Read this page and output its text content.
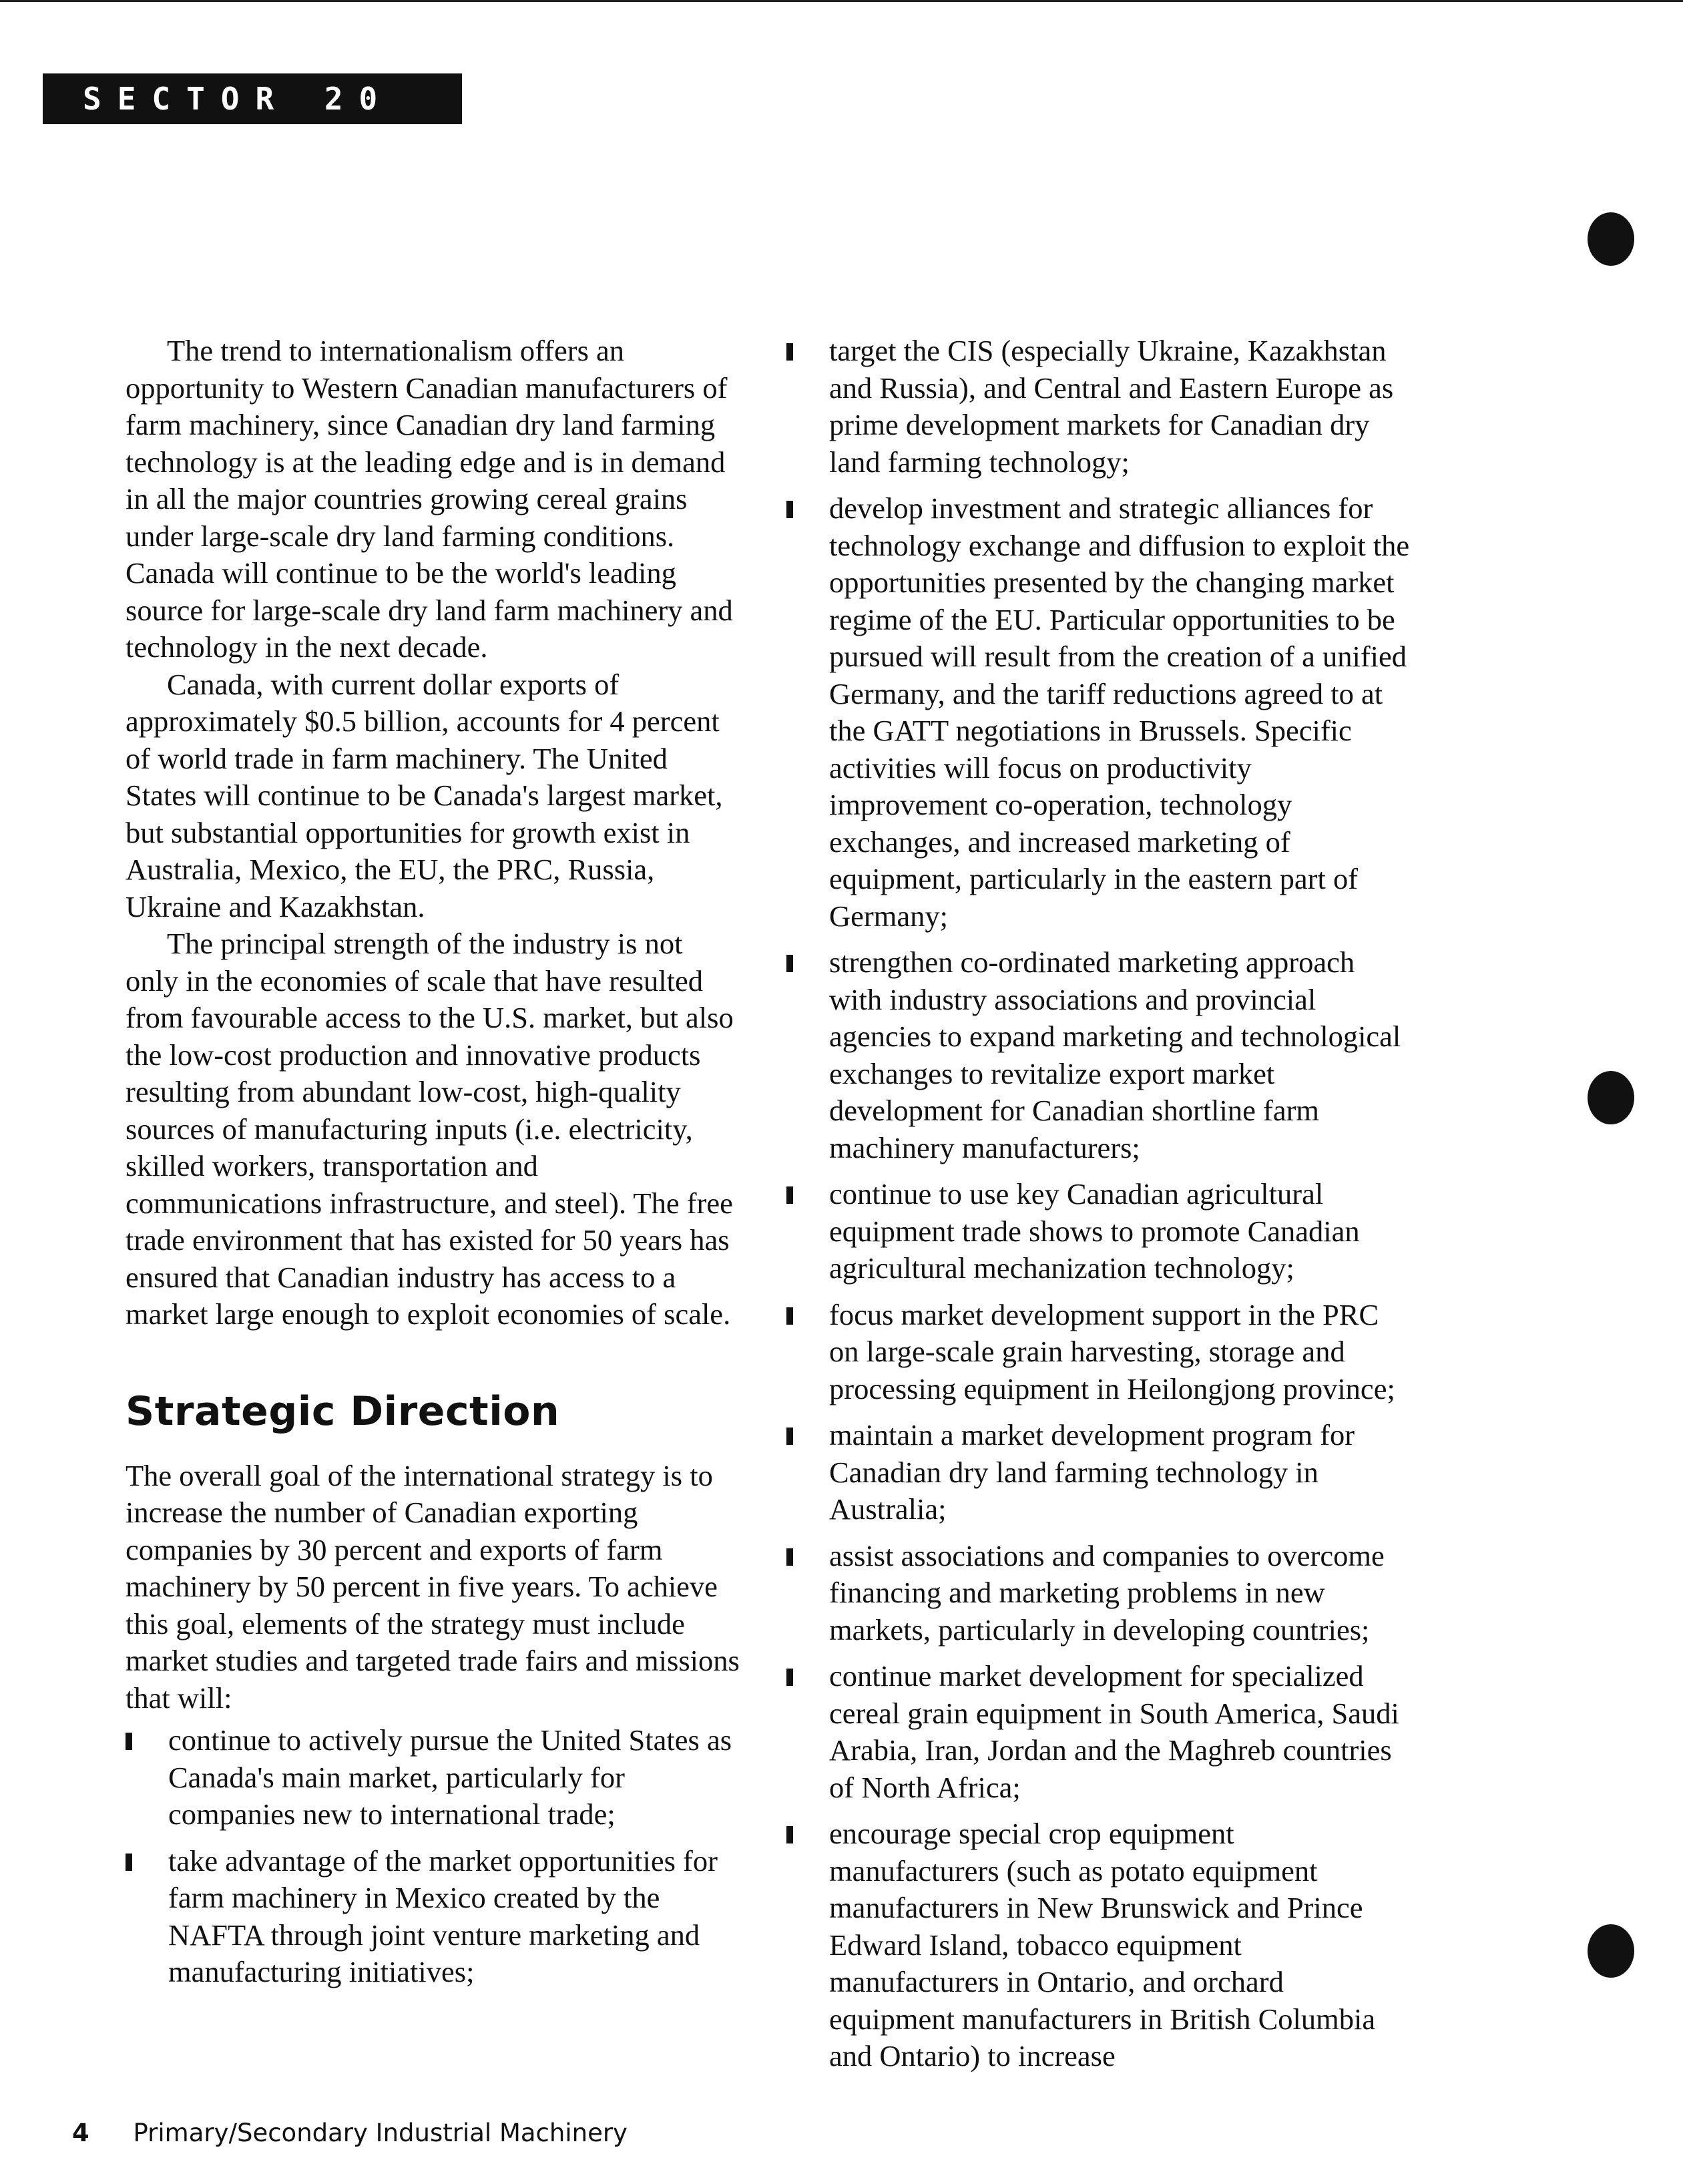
SECTOR 20

The trend to internationalism offers an opportunity to Western Canadian manufacturers of farm machinery, since Canadian dry land farming technology is at the leading edge and is in demand in all the major countries growing cereal grains under large-scale dry land farming conditions. Canada will continue to be the world's leading source for large-scale dry land farm machinery and technology in the next decade.

Canada, with current dollar exports of approximately $0.5 billion, accounts for 4 percent of world trade in farm machinery. The United States will continue to be Canada's largest market, but substantial opportunities for growth exist in Australia, Mexico, the EU, the PRC, Russia, Ukraine and Kazakhstan.

The principal strength of the industry is not only in the economies of scale that have resulted from favourable access to the U.S. market, but also the low-cost production and innovative products resulting from abundant low-cost, high-quality sources of manufacturing inputs (i.e. electricity, skilled workers, transportation and communications infrastructure, and steel). The free trade environment that has existed for 50 years has ensured that Canadian industry has access to a market large enough to exploit economies of scale.

Strategic Direction

The overall goal of the international strategy is to increase the number of Canadian exporting companies by 30 percent and exports of farm machinery by 50 percent in five years. To achieve this goal, elements of the strategy must include market studies and targeted trade fairs and missions that will:

continue to actively pursue the United States as Canada's main market, particularly for companies new to international trade;
take advantage of the market opportunities for farm machinery in Mexico created by the NAFTA through joint venture marketing and manufacturing initiatives;
target the CIS (especially Ukraine, Kazakhstan and Russia), and Central and Eastern Europe as prime development markets for Canadian dry land farming technology;
develop investment and strategic alliances for technology exchange and diffusion to exploit the opportunities presented by the changing market regime of the EU. Particular opportunities to be pursued will result from the creation of a unified Germany, and the tariff reductions agreed to at the GATT negotiations in Brussels. Specific activities will focus on productivity improvement co-operation, technology exchanges, and increased marketing of equipment, particularly in the eastern part of Germany;
strengthen co-ordinated marketing approach with industry associations and provincial agencies to expand marketing and technological exchanges to revitalize export market development for Canadian shortline farm machinery manufacturers;
continue to use key Canadian agricultural equipment trade shows to promote Canadian agricultural mechanization technology;
focus market development support in the PRC on large-scale grain harvesting, storage and processing equipment in Heilongjong province;
maintain a market development program for Canadian dry land farming technology in Australia;
assist associations and companies to overcome financing and marketing problems in new markets, particularly in developing countries;
continue market development for specialized cereal grain equipment in South America, Saudi Arabia, Iran, Jordan and the Maghreb countries of North Africa;
encourage special crop equipment manufacturers (such as potato equipment manufacturers in New Brunswick and Prince Edward Island, tobacco equipment manufacturers in Ontario, and orchard equipment manufacturers in British Columbia and Ontario) to increase
4 Primary/Secondary Industrial Machinery
